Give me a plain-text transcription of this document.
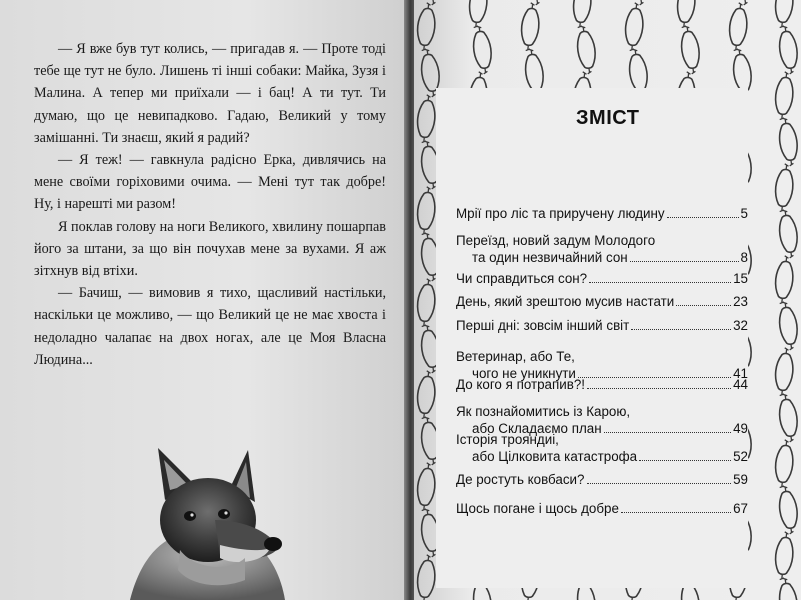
— Я вже був тут колись, — пригадав я. — Проте тоді тебе ще тут не було. Лишень ті інші собаки: Майка, Зузя і Малина. А тепер ми приїхали — і бац! А ти тут. Ти думаю, що це невипадково. Гадаю, Великий у тому замішанні. Ти знаєш, який я радий?

— Я теж! — гавкнула радісно Ерка, дивлячись на мене своїми горіховими очима. — Мені тут так добре! Ну, і нарешті ми разом!

Я поклав голову на ноги Великого, хвилину пошарпав його за штани, за що він почухав мене за вухами. Я аж зітхнув від втіхи.

— Бачиш, — вимовив я тихо, щасливий настільки, наскільки це можливо, — що Великий це не має хвоста і недоладно чалапає на двох ногах, але це Моя Власна Людина...

ЗМІСТ
Мрії про ліс та приручену людину	5
Переїзд, новий задум Молодого
та один незвичайний сон	8
Чи справдиться сон?	15
День, який зрештою мусив настати	23
Перші дні: зовсім інший світ	32
Ветеринар, або Те,
чого не уникнути	41
До кого я потрапив?!	44
Як познайомитись із Карою,
або Складаємо план	49
Історія трояндиі,
або Цілковита катастрофа	52
Де ростуть ковбаси?	59
Щось погане і щось добре	67
